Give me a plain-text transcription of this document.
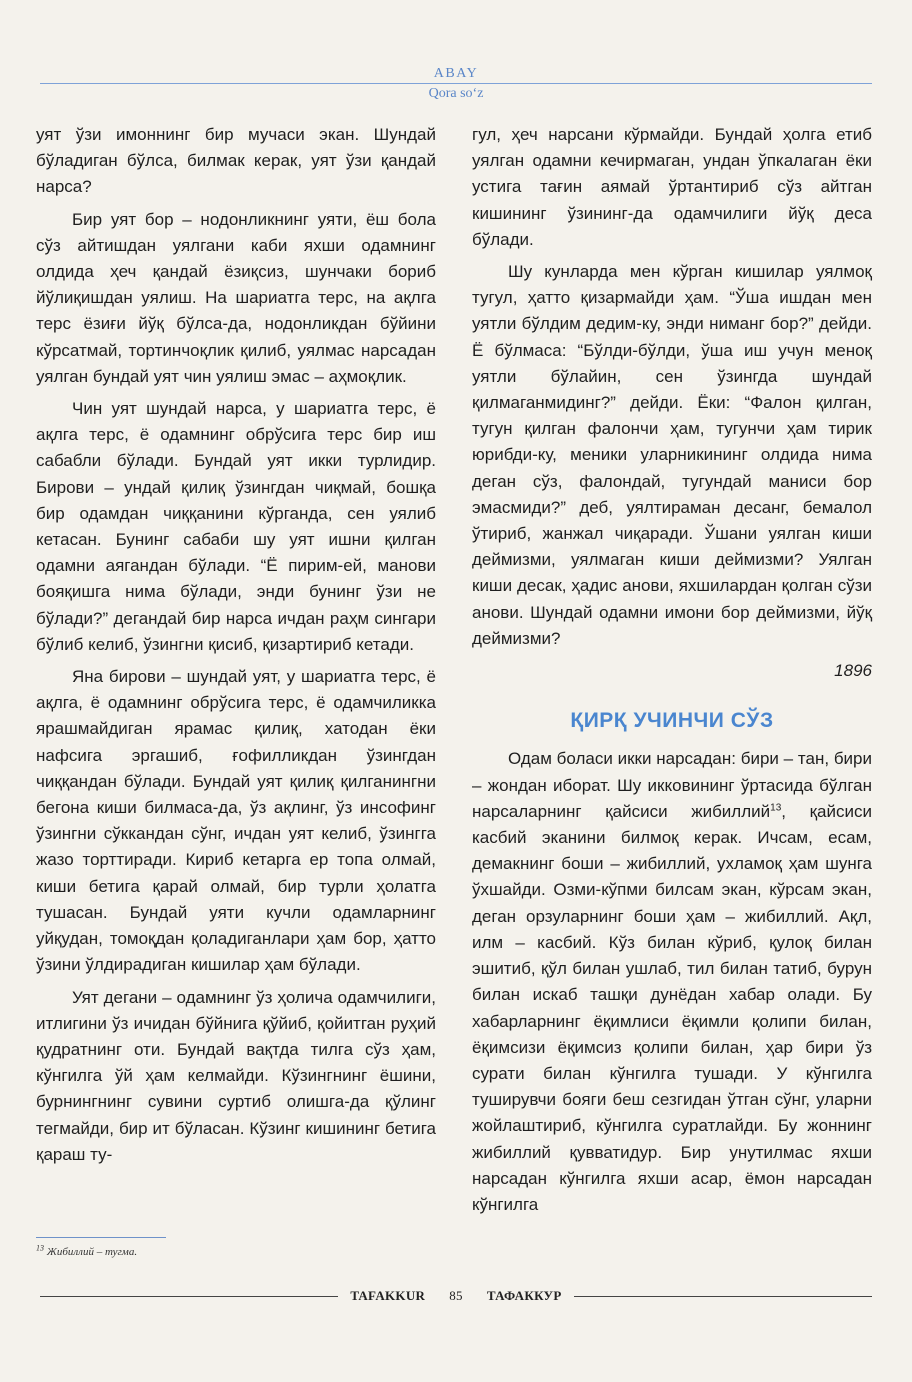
ABAY
Qora so‘z

уят ўзи имоннинг бир мучаси экан. Шундай бўладиган бўлса, билмак керак, уят ўзи қандай нарса?

Бир уят бор – нодонликнинг уяти, ёш бола сўз айтишдан уялгани каби яхши одамнинг олдида ҳеч қандай ёзиқсиз, шунчаки бориб йўлиқишдан уялиш. На шариатга терс, на ақлга терс ёзиғи йўқ бўлса-да, нодонликдан бўйини кўрсатмай, тортинчоқлик қилиб, уялмас нарсадан уялган бундай уят чин уялиш эмас – аҳмоқлик.

Чин уят шундай нарса, у шариатга терс, ё ақлга терс, ё одамнинг обрўсига терс бир иш сабабли бўлади. Бундай уят икки турлидир. Бирови – ундай қилиқ ўзингдан чиқмай, бошқа бир одамдан чиққанини кўрганда, сен уялиб кетасан. Бунинг сабаби шу уят ишни қилган одамни аягандан бўлади. “Ё пирим-ей, манови бояқишга нима бўлади, энди бунинг ўзи не бўлади?” дегандай бир нарса ичдан раҳм сингари бўлиб келиб, ўзингни қисиб, қизартириб кетади.

Яна бирови – шундай уят, у шариатга терс, ё ақлга, ё одамнинг обрўсига терс, ё одамчиликка ярашмайдиган ярамас қилиқ, хатодан ёки нафсига эргашиб, ғофилликдан ўзингдан чиққандан бўлади. Бундай уят қилиқ қилганингни бегона киши билмаса-да, ўз ақлинг, ўз инсофинг ўзингни сўккандан сўнг, ичдан уят келиб, ўзингга жазо торттиради. Кириб кетарга ер топа олмай, киши бетига қарай олмай, бир турли ҳолатга тушасан. Бундай уяти кучли одамларнинг уйқудан, томоқдан қоладиганлари ҳам бор, ҳатто ўзини ўлдирадиган кишилар ҳам бўлади.

Уят дегани – одамнинг ўз ҳолича одамчилиги, итлигини ўз ичидан бўйнига қўйиб, қойитган руҳий қудратнинг оти. Бундай вақтда тилга сўз ҳам, кўнгилга ўй ҳам келмайди. Кўзингнинг ёшини, бурнингнинг сувини суртиб олишга-да қўлинг тегмайди, бир ит бўласан. Кўзинг кишининг бетига қараш ту-

гул, ҳеч нарсани кўрмайди. Бундай ҳолга етиб уялган одамни кечирмаган, ундан ўпкалаган ёки устига тағин аямай ўртантириб сўз айтган кишининг ўзининг-да одамчилиги йўқ деса бўлади.

Шу кунларда мен кўрган кишилар уялмоқ тугул, ҳатто қизармайди ҳам. “Ўша ишдан мен уятли бўлдим дедим-ку, энди ниманг бор?” дейди. Ё бўлмаса: “Бўлди-бўлди, ўша иш учун меноқ уятли бўлайин, сен ўзингда шундай қилмаганмидинг?” дейди. Ёки: “Фалон қилган, тугун қилган фалончи ҳам, тугунчи ҳам тирик юрибди-ку, меники уларникининг олдида нима деган сўз, фалондай, тугундай маниси бор эмасмиди?” деб, уялтираман десанг, бемалол ўтириб, жанжал чиқаради. Ўшани уялган киши деймизми, уялмаган киши деймизми? Уялган киши десак, ҳадис анови, яхшилардан қолган сўзи анови. Шундай одамни имони бор деймизми, йўқ деймизми?

1896
ҚИРҚ УЧИНЧИ СЎЗ

Одам боласи икки нарсадан: бири – тан, бири – жондан иборат. Шу икковининг ўртасида бўлган нарсаларнинг қайсиси жибиллий$^{13}$, қайсиси касбий эканини билмоқ керак. Ичсам, есам, демакнинг боши – жибиллий, ухламоқ ҳам шунга ўхшайди. Озми-кўпми билсам экан, кўрсам экан, деган орзуларнинг боши ҳам – жибиллий. Ақл, илм – касбий. Кўз билан кўриб, қулоқ билан эшитиб, қўл билан ушлаб, тил билан татиб, бурун билан искаб ташқи дунёдан хабар олади. Бу хабарларнинг ёқимлиси ёқимли қолипи билан, ёқимсизи ёқимсиз қолипи билан, ҳар бири ўз сурати билан кўнгилга тушади. У кўнгилга туширувчи бояги беш сезгидан ўтган сўнг, уларни жойлаштириб, кўнгилга суратлайди. Бу жоннинг жибиллий қувватидур. Бир унутилмас яхши нарсадан кўнгилга яхши асар, ёмон нарсадан кўнгилга

$^{13}$ Жибиллий – тугма.
TAFAKKUR	85	ТАФАККУР
